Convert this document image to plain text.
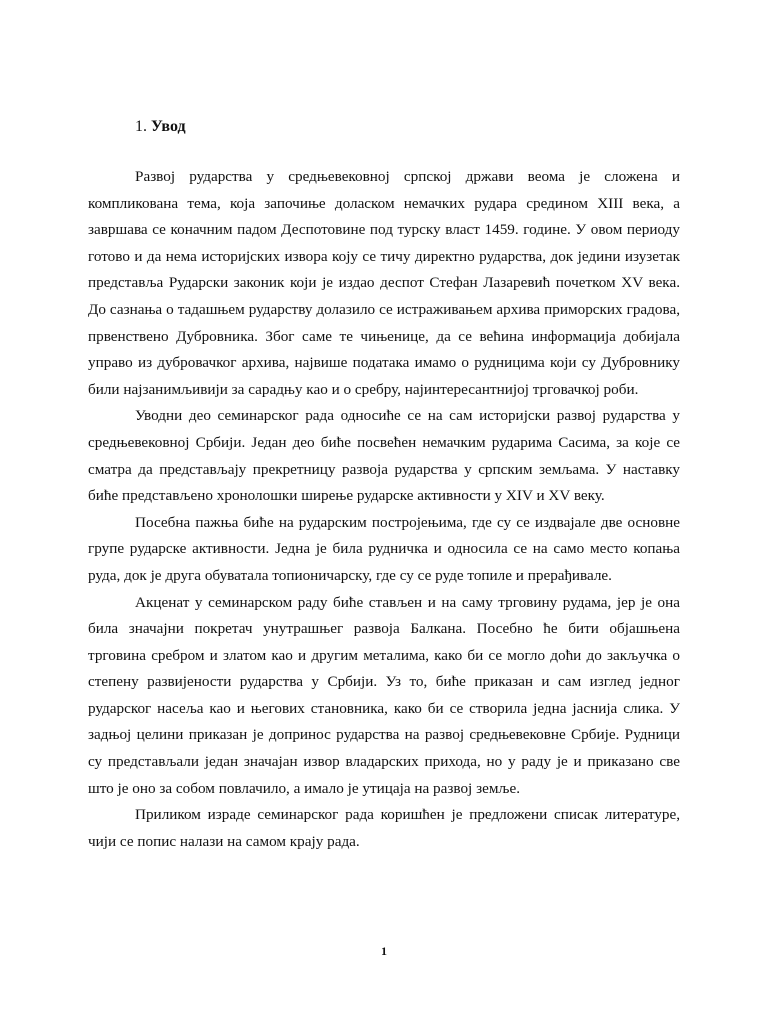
1. Увод

Развој рударства у средњевековној српској држави веома је сложена и компликована тема, која започиње доласком немачких рудара средином XIII века, а завршава се коначним падом Деспотовине под турску власт 1459. године. У овом периоду готово и да нема историјских извора коју се тичу директно рударства, док једини изузетак представља Рударски законик који је издао деспот Стефан Лазаревић почетком XV века. До сазнања о тадашњем рударству долазило се истраживањем архива приморских градова, првенствено Дубровника. Због саме те чињенице, да се већина информација добијала управо из дубровачког архива, највише података имамо о рудницима који су Дубровнику били најзанимљивији за сарадњу као и о сребру, најинтересантнијој трговачкој роби.

Уводни део семинарског рада односиће се на сам историјски развој рударства у средњевековној Србији. Један део биће посвећен немачким рударима Сасима, за које се сматра да представљају прекретницу развоја рударства у српским земљама. У наставку биће представљено хронолошки ширење рударске активности у XIV и XV веку.

Посебна пажња биће на рударским постројењима, где су се издвајале две основне групе рударске активности. Једна је била рудничка и односила се на само место копања руда, док је друга обуватала топионичарску, где су се руде топиле и прерађивале.

Акценат у семинарском раду биће стављен и на саму трговину рудама, јер је она била значајни покретач унутрашњег развоја Балкана. Посебно ће бити објашњена трговина сребром и златом као и другим металима, како би се могло доћи до закључка о степену развијености рударства у Србији. Уз то, биће приказан и сам изглед једног рударског насеља као и његових становника, како би се створила једна јаснија слика. У задњој целини приказан је допринос рударства на развој средњевековне Србије. Рудници су представљали један значајан извор владарских прихода, но у раду је и приказано све што је оно за собом повлачило, а имало је утицаја на развој земље.

Приликом израде семинарског рада коришћен је предложени списак литературе, чији се попис налази на самом крају рада.

1
